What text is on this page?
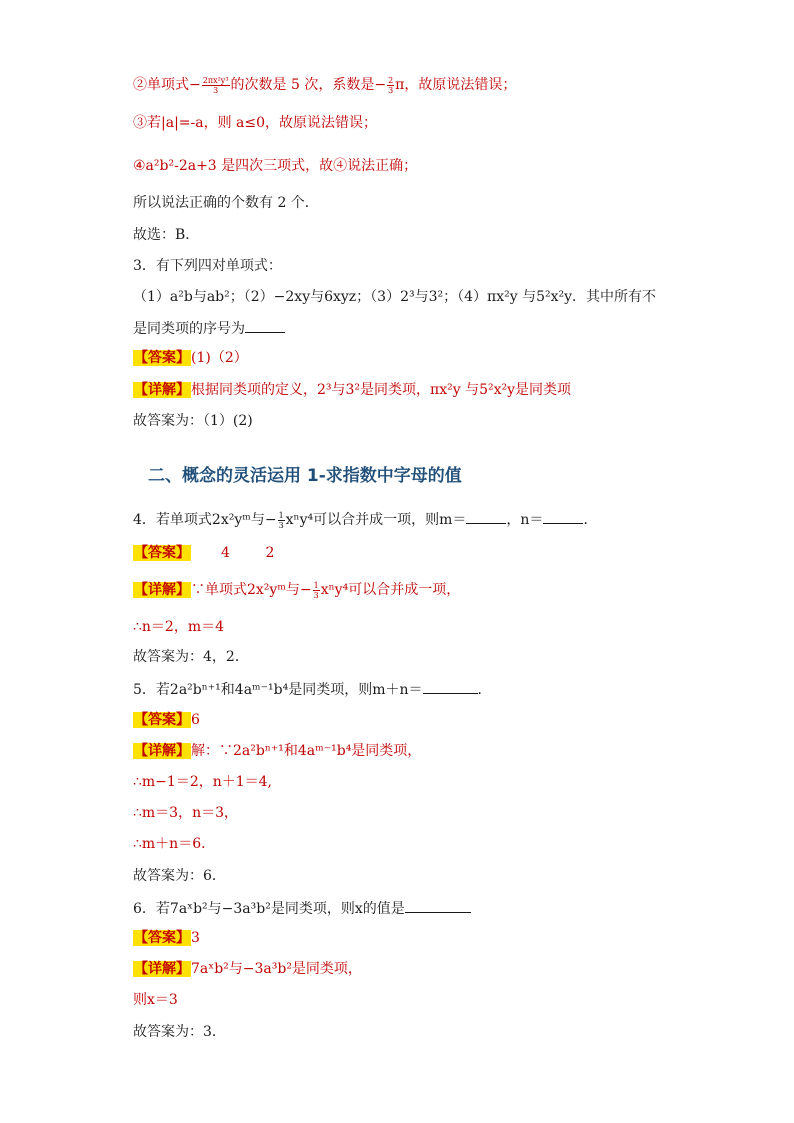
②单项式− $\frac{\text{2πx²y³}}{3}$ 的次数是 5 次，系数是− $\frac{2}{3}$ π，故原说法错误；
③若|a|=-a，则 a≤0，故原说法错误；
④a²b²-2a+3 是四次三项式，故④说法正确；
所以说法正确的个数有 2 个．
故选：B．
3．有下列四对单项式：
（1）a²b与ab²；（2）−2xy与6xyz；（3）2³与3²；（4）πx²y 与5²x²y．其中所有不
是同类项的序号为
【答案】(1)（2）
【详解】根据同类项的定义，2³与3²是同类项，πx²y 与5²x²y是同类项
故答案为：（1）(2)
二、概念的灵活运用 1-求指数中字母的值
4．若单项式2x²yᵐ与− $\frac{1}{3} x^ny^4$可以合并成一项，则m＝	，n＝	．
【答案】 4        2
【详解】∵单项式2x²yᵐ与− $\frac{1}{3} x^ny^4$可以合并成一项，
∴n＝2，m＝4
故答案为：4，2．
5．若2a²bⁿ⁺¹和4aᵐ⁻¹b⁴是同类项，则m＋n＝	．
【答案】6
【详解】解：∵2a²bⁿ⁺¹和4aᵐ⁻¹b⁴是同类项，
∴m−1＝2，n＋1＝4,
∴m＝3，n＝3，
∴m＋n＝6．
故答案为：6．
6．若7aˣb²与−3a³b²是同类项，则x的值是
【答案】3
【详解】7aˣb²与−3a³b²是同类项，
则x＝3
故答案为：3．
